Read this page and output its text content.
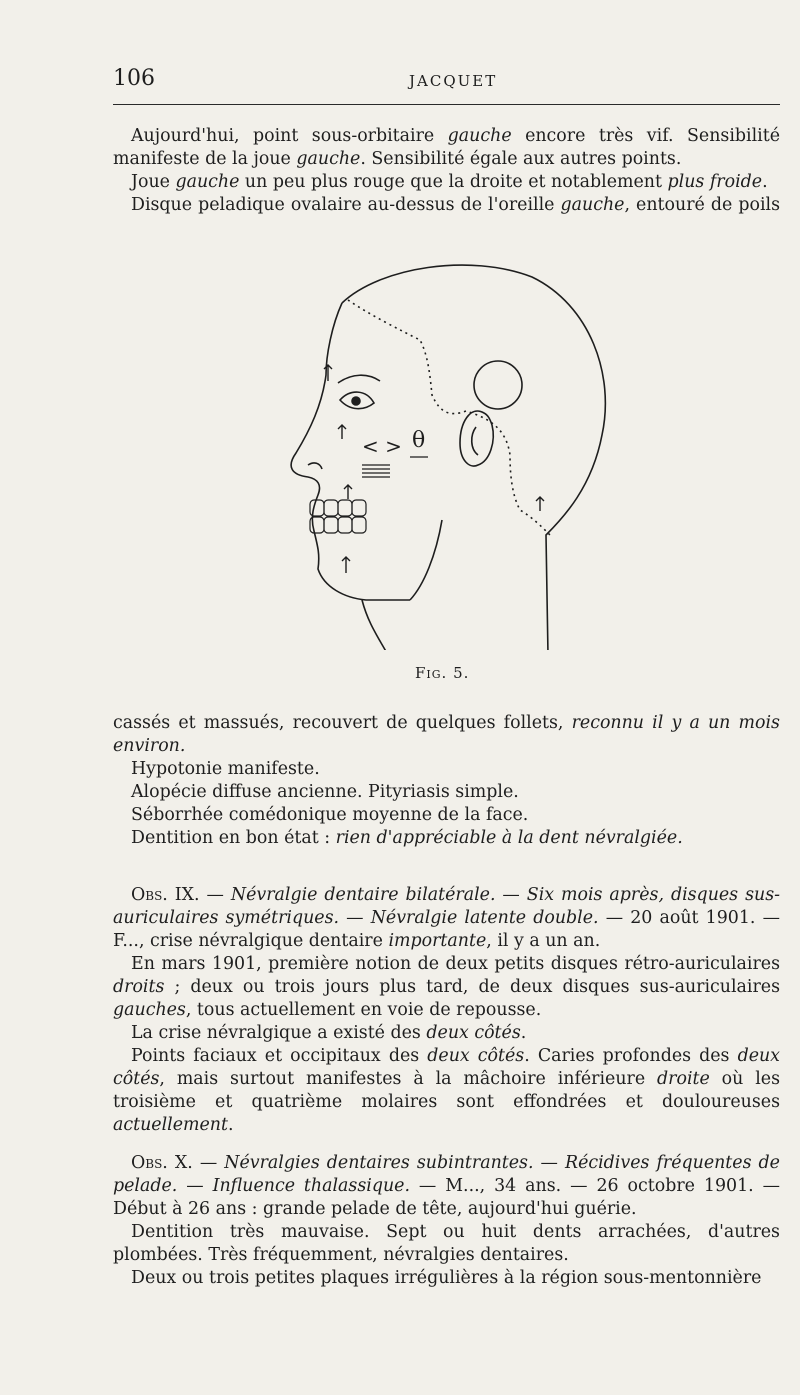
106	JACQUET

Aujourd'hui, point sous-orbitaire gauche encore très vif. Sensibilité manifeste de la joue gauche. Sensibilité égale aux autres points.

Joue gauche un peu plus rouge que la droite et notablement plus froide.

Disque peladique ovalaire au-dessus de l'oreille gauche, entouré de poils

< > θ
Fig. 5.

cassés et massués, recouvert de quelques follets, reconnu il y a un mois environ.

Hypotonie manifeste.

Alopécie diffuse ancienne. Pityriasis simple.

Séborrhée comédonique moyenne de la face.

Dentition en bon état : rien d'appréciable à la dent névralgiée.

Obs. IX. — Névralgie dentaire bilatérale. — Six mois après, disques sus-auriculaires symétriques. — Névralgie latente double. — 20 août 1901. — F..., crise névralgique dentaire importante, il y a un an.

En mars 1901, première notion de deux petits disques rétro-auriculaires droits ; deux ou trois jours plus tard, de deux disques sus-auriculaires gauches, tous actuellement en voie de repousse.

La crise névralgique a existé des deux côtés.

Points faciaux et occipitaux des deux côtés. Caries profondes des deux côtés, mais surtout manifestes à la mâchoire inférieure droite où les troisième et quatrième molaires sont effondrées et douloureuses actuellement.

Obs. X. — Névralgies dentaires subintrantes. — Récidives fréquentes de pelade. — Influence thalassique. — M..., 34 ans. — 26 octobre 1901. — Début à 26 ans : grande pelade de tête, aujourd'hui guérie.

Dentition très mauvaise. Sept ou huit dents arrachées, d'autres plombées. Très fréquemment, névralgies dentaires.

Deux ou trois petites plaques irrégulières à la région sous-mentonnière
